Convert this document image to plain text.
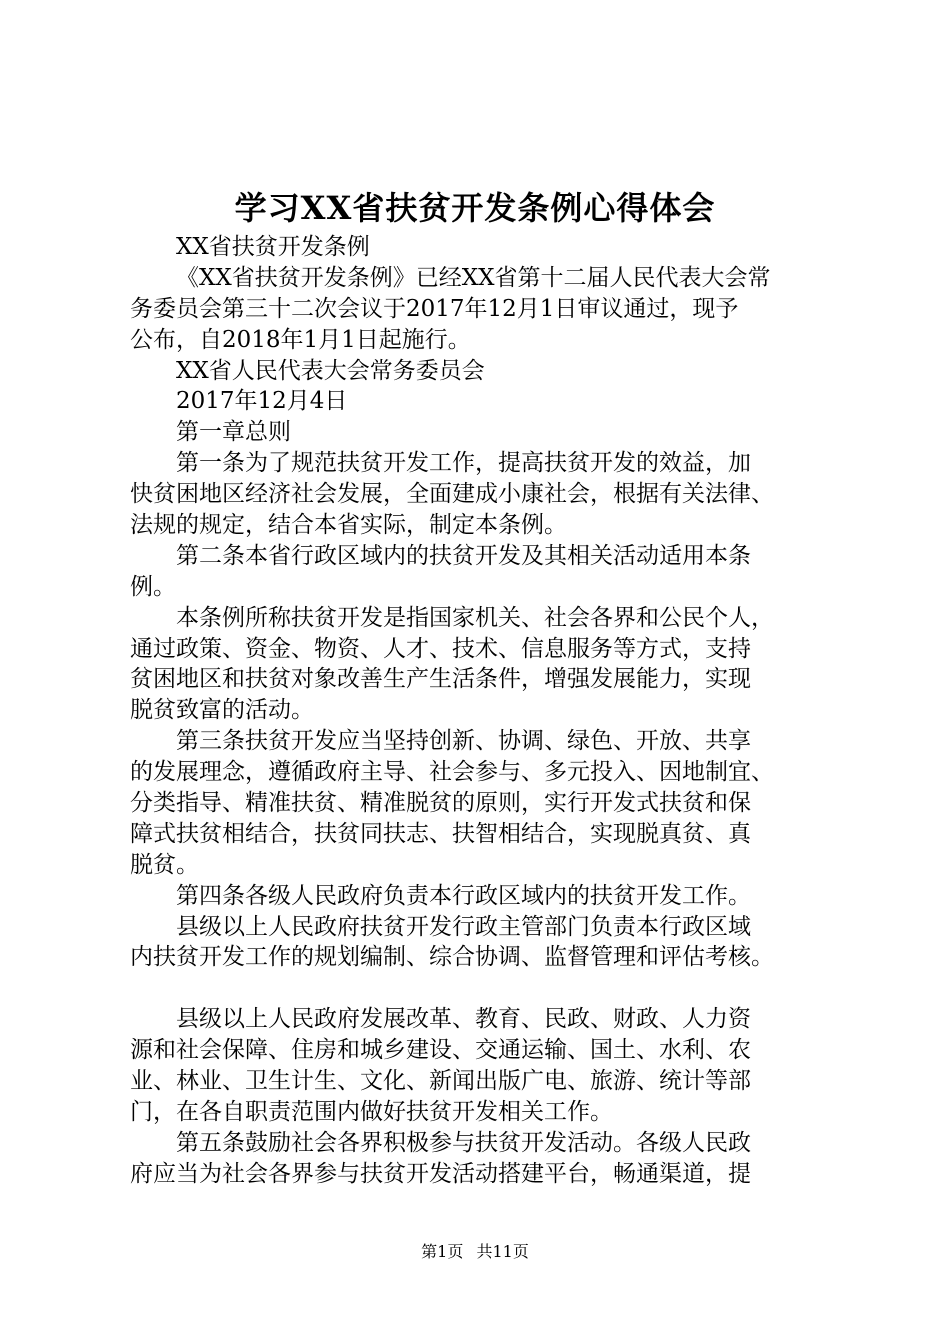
学习XX省扶贫开发条例心得体会
XX省扶贫开发条例
《XX省扶贫开发条例》已经XX省第十二届人民代表大会常
务委员会第三十二次会议于2017年12月1日审议通过，现予
公布，自2018年1月1日起施行。
XX省人民代表大会常务委员会
2017年12月4日
第一章总则
第一条为了规范扶贫开发工作，提高扶贫开发的效益，加
快贫困地区经济社会发展，全面建成小康社会，根据有关法律、
法规的规定，结合本省实际，制定本条例。
第二条本省行政区域内的扶贫开发及其相关活动适用本条
例。
本条例所称扶贫开发是指国家机关、社会各界和公民个人，
通过政策、资金、物资、人才、技术、信息服务等方式，支持
贫困地区和扶贫对象改善生产生活条件，增强发展能力，实现
脱贫致富的活动。
第三条扶贫开发应当坚持创新、协调、绿色、开放、共享
的发展理念，遵循政府主导、社会参与、多元投入、因地制宜、
分类指导、精准扶贫、精准脱贫的原则，实行开发式扶贫和保
障式扶贫相结合，扶贫同扶志、扶智相结合，实现脱真贫、真
脱贫。
第四条各级人民政府负责本行政区域内的扶贫开发工作。
县级以上人民政府扶贫开发行政主管部门负责本行政区域
内扶贫开发工作的规划编制、综合协调、监督管理和评估考核。
县级以上人民政府发展改革、教育、民政、财政、人力资
源和社会保障、住房和城乡建设、交通运输、国土、水利、农
业、林业、卫生计生、文化、新闻出版广电、旅游、统计等部
门，在各自职责范围内做好扶贫开发相关工作。
第五条鼓励社会各界积极参与扶贫开发活动。各级人民政
府应当为社会各界参与扶贫开发活动搭建平台，畅通渠道，提
第1页 共11页
